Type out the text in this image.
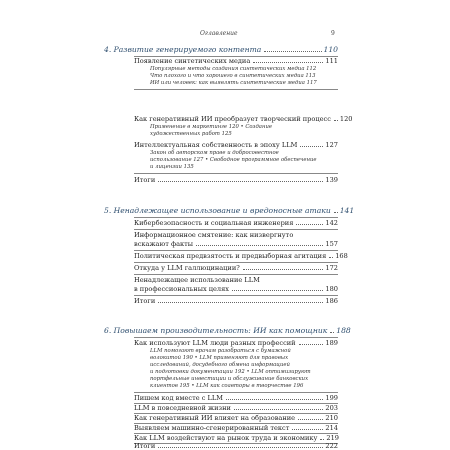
Оглавление	9
4. Развитие генерируемого контента	110
Появление синтетических медиа	111
Популярные методы создания синтетических медиа 112
Что плохого и что хорошего в синтетических медиа 113
ИИ или человек: как выявлять синтетические медиа 117
Как генеративный ИИ преобразует творческий процесс 120
Применение в маркетинге 120 • Создание
художественных работ 125
Интеллектуальная собственность в эпоху LLM	127
Закон об авторском праве и добросовестное
использование 127 • Свободное программное обеспечение
и лицензии 135
Итоги	139
5. Ненадлежащее использование и вредоносные атаки 141
Кибербезопасность и социальная инженерия	142
Информационное смятение: как низвергнуто
вскажают факты	157
Политическая предвзятость и предвыборная агитация 168
Откуда у LLM галлюцинации?	172
Ненадлежащее использование LLM
в профессиональных целях	180
Итоги	186
6. Повышаем производительность: ИИ как помощник 188
Как используют LLM люди разных профессий	189
LLM помогают врачам разобраться с бумажной
волокитой 190 • LLM применяют для правовых
исследований, досудебного обмена информацией
и подготовки документации 192 • LLM оптимизируют
портфельные инвестиции и обслуживание банковских
клиентов 195 • LLM как соавторы в творчестве 196
Пишем код вместе с LLM	199
LLM в повседневной жизни	203
Как генеративный ИИ влияет на образование	210
Выявляем машинно-сгенерированный текст	214
Как LLM воздействуют на рынок труда и экономику 219
Итоги	222
